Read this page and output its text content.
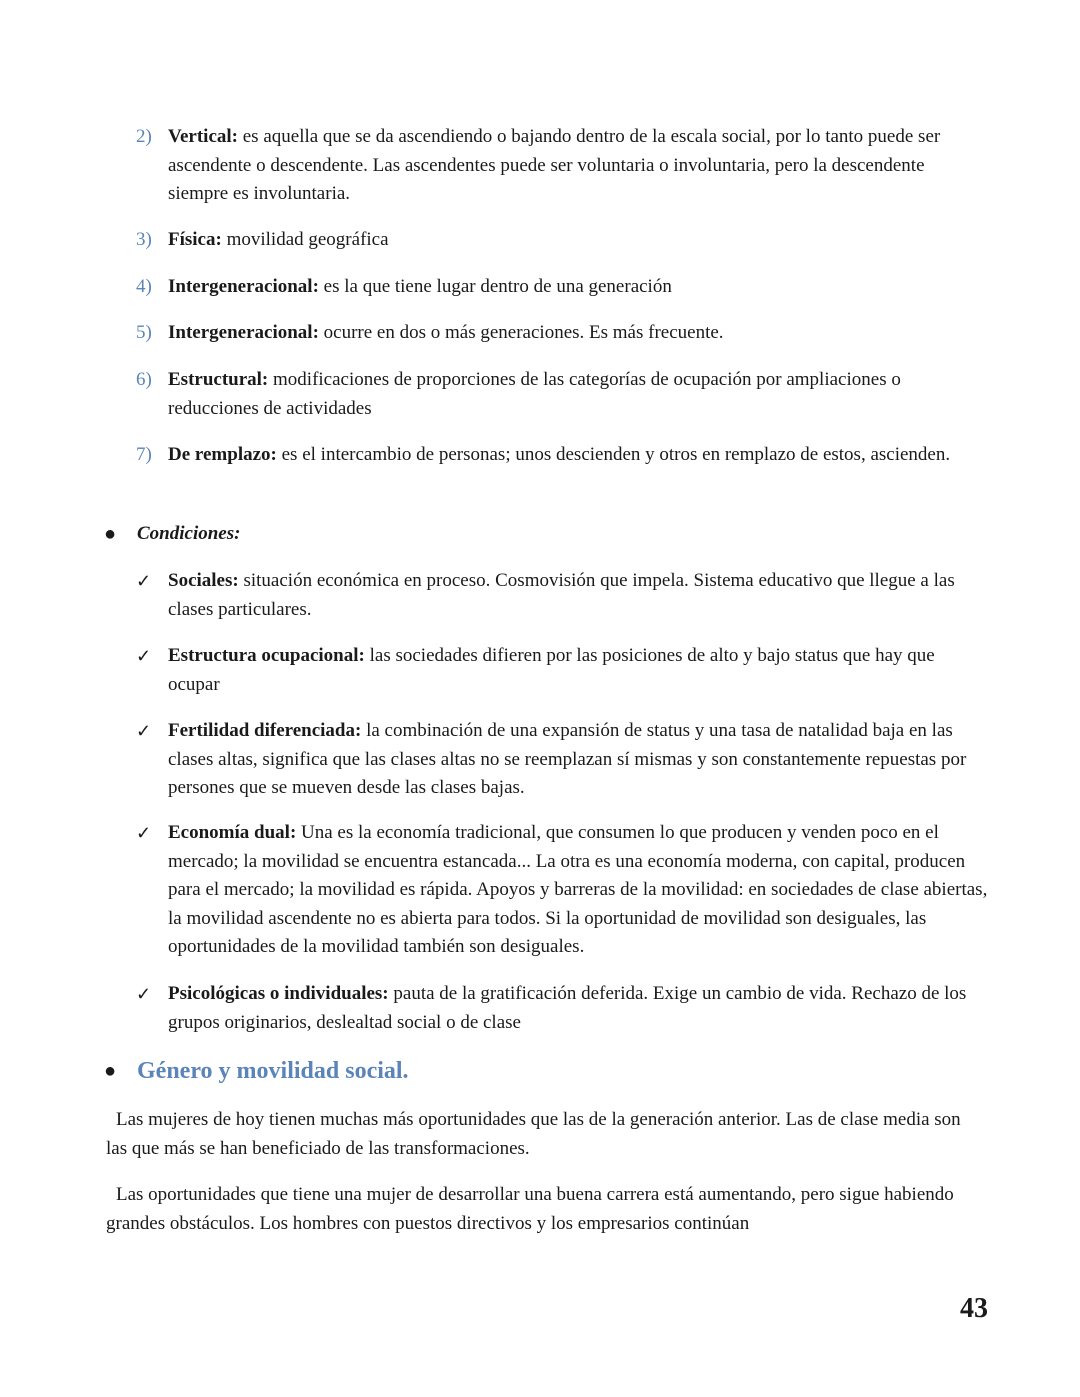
2) Vertical: es aquella que se da ascendiendo o bajando dentro de la escala social, por lo tanto puede ser ascendente o descendente. Las ascendentes puede ser voluntaria o involuntaria, pero la descendente siempre es involuntaria.
3) Física: movilidad geográfica
4) Intergeneracional: es la que tiene lugar dentro de una generación
5) Intergeneracional: ocurre en dos o más generaciones. Es más frecuente.
6) Estructural: modificaciones de proporciones de las categorías de ocupación por ampliaciones o reducciones de actividades
7) De remplazo: es el intercambio de personas; unos descienden y otros en remplazo de estos, ascienden.
● Condiciones:
✓ Sociales: situación económica en proceso. Cosmovisión que impela. Sistema educativo que llegue a las clases particulares.
✓ Estructura ocupacional: las sociedades difieren por las posiciones de alto y bajo status que hay que ocupar
✓ Fertilidad diferenciada: la combinación de una expansión de status y una tasa de natalidad baja en las clases altas, significa que las clases altas no se reemplazan sí mismas y son constantemente repuestas por persones que se mueven desde las clases bajas.
✓ Economía dual: Una es la economía tradicional, que consumen lo que producen y venden poco en el mercado; la movilidad se encuentra estancada... La otra es una economía moderna, con capital, producen para el mercado; la movilidad es rápida. Apoyos y barreras de la movilidad: en sociedades de clase abiertas, la movilidad ascendente no es abierta para todos. Si la oportunidad de movilidad son desiguales, las oportunidades de la movilidad también son desiguales.
✓ Psicológicas o individuales: pauta de la gratificación deferida. Exige un cambio de vida. Rechazo de los grupos originarios, deslealtad social o de clase
● Género y movilidad social.
Las mujeres de hoy tienen muchas más oportunidades que las de la generación anterior. Las de clase media son las que más se han beneficiado de las transformaciones.
Las oportunidades que tiene una mujer de desarrollar una buena carrera está aumentando, pero sigue habiendo grandes obstáculos. Los hombres con puestos directivos y los empresarios continúan
43
